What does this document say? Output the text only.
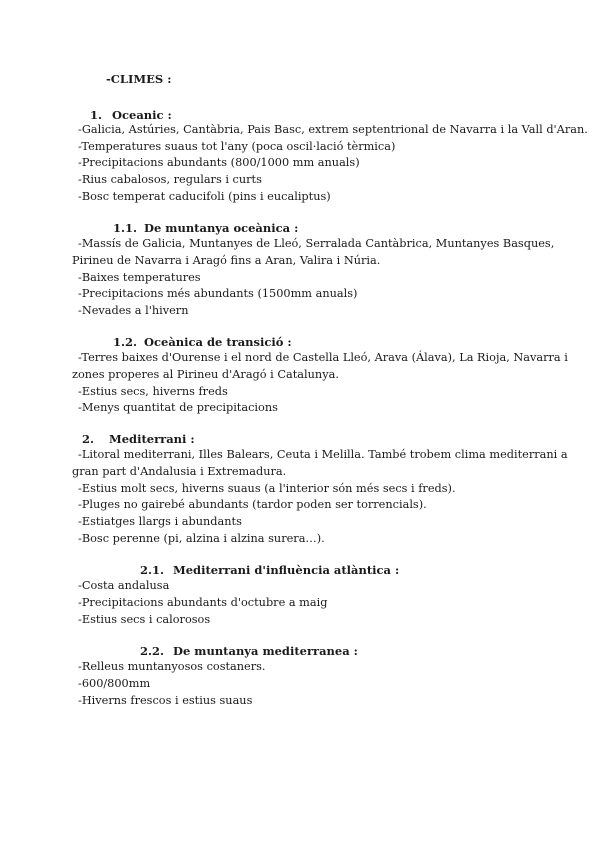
-CLIMES :
1. Oceanic :
-Galicia, Astúries, Cantàbria, Pais Basc, extrem septentrional de Navarra i la Vall d'Aran.
-Temperatures suaus tot l'any (poca oscil·lació tèrmica)
-Precipitacions abundants (800/1000 mm anuals)
-Rius cabalosos, regulars i curts
-Bosc temperat caducifoli (pins i eucaliptus)
1.1. De muntanya oceànica :
-Massís de Galicia, Muntanyes de Lleó, Serralada Cantàbrica, Muntanyes Basques,
Pirineu de Navarra i Aragó fins a Aran, Valira i Núria.
-Baixes temperatures
-Precipitacions més abundants (1500mm anuals)
-Nevades a l'hivern
1.2. Oceànica de transició :
-Terres baixes d'Ourense i el nord de Castella Lleó, Arava (Álava), La Rioja, Navarra i
zones properes al Pirineu d'Aragó i Catalunya.
-Estius secs, hiverns freds
-Menys quantitat de precipitacions
2. Mediterrani :
-Litoral mediterrani, Illes Balears, Ceuta i Melilla. També trobem clima mediterrani a
gran part d'Andalusia i Extremadura.
-Estius molt secs, hiverns suaus (a l'interior són més secs i freds).
-Pluges no gairebé abundants (tardor poden ser torrencials).
-Estiatges llargs i abundants
-Bosc perenne (pi, alzina i alzina surera…).
2.1. Mediterrani d'influència atlàntica :
-Costa andalusa
-Precipitacions abundants d'octubre a maig
-Estius secs i calorosos
2.2. De muntanya mediterranea :
-Relleus muntanyosos costaners.
-600/800mm
-Hiverns frescos i estius suaus
